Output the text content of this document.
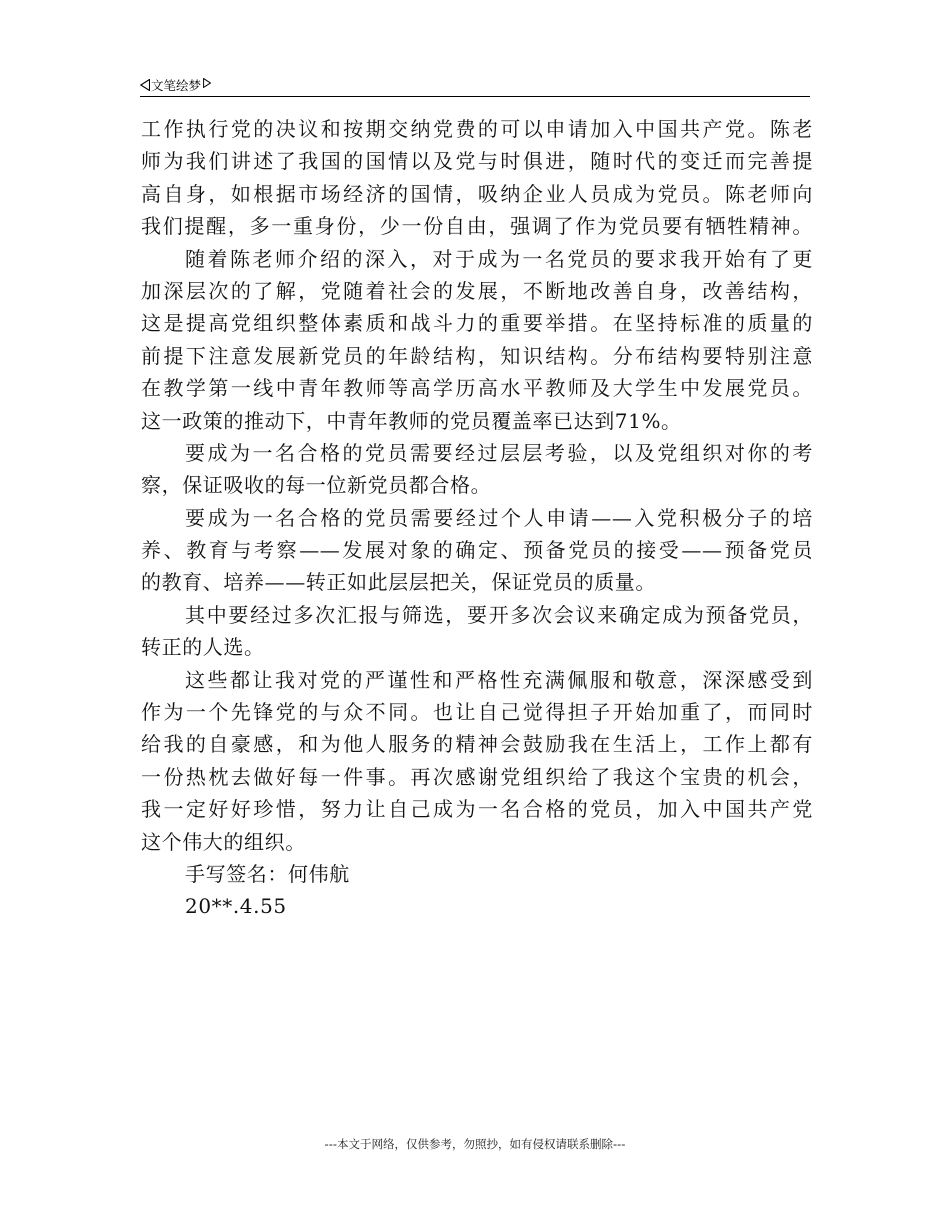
文笔绘梦
工作执行党的决议和按期交纳党费的可以申请加入中国共产党。陈老
师为我们讲述了我国的国情以及党与时俱进，随时代的变迁而完善提
高自身，如根据市场经济的国情，吸纳企业人员成为党员。陈老师向
我们提醒，多一重身份，少一份自由，强调了作为党员要有牺牲精神。
随着陈老师介绍的深入，对于成为一名党员的要求我开始有了更
加深层次的了解，党随着社会的发展，不断地改善自身，改善结构，
这是提高党组织整体素质和战斗力的重要举措。在坚持标准的质量的
前提下注意发展新党员的年龄结构，知识结构。分布结构要特别注意
在教学第一线中青年教师等高学历高水平教师及大学生中发展党员。
这一政策的推动下，中青年教师的党员覆盖率已达到71%。
要成为一名合格的党员需要经过层层考验，以及党组织对你的考
察，保证吸收的每一位新党员都合格。
要成为一名合格的党员需要经过个人申请——入党积极分子的培
养、教育与考察——发展对象的确定、预备党员的接受——预备党员
的教育、培养——转正如此层层把关，保证党员的质量。
其中要经过多次汇报与筛选，要开多次会议来确定成为预备党员，
转正的人选。
这些都让我对党的严谨性和严格性充满佩服和敬意，深深感受到
作为一个先锋党的与众不同。也让自己觉得担子开始加重了，而同时
给我的自豪感，和为他人服务的精神会鼓励我在生活上，工作上都有
一份热枕去做好每一件事。再次感谢党组织给了我这个宝贵的机会，
我一定好好珍惜，努力让自己成为一名合格的党员，加入中国共产党
这个伟大的组织。
手写签名：何伟航
20**.4.55
---本文于网络，仅供参考，勿照抄，如有侵权请联系删除---
